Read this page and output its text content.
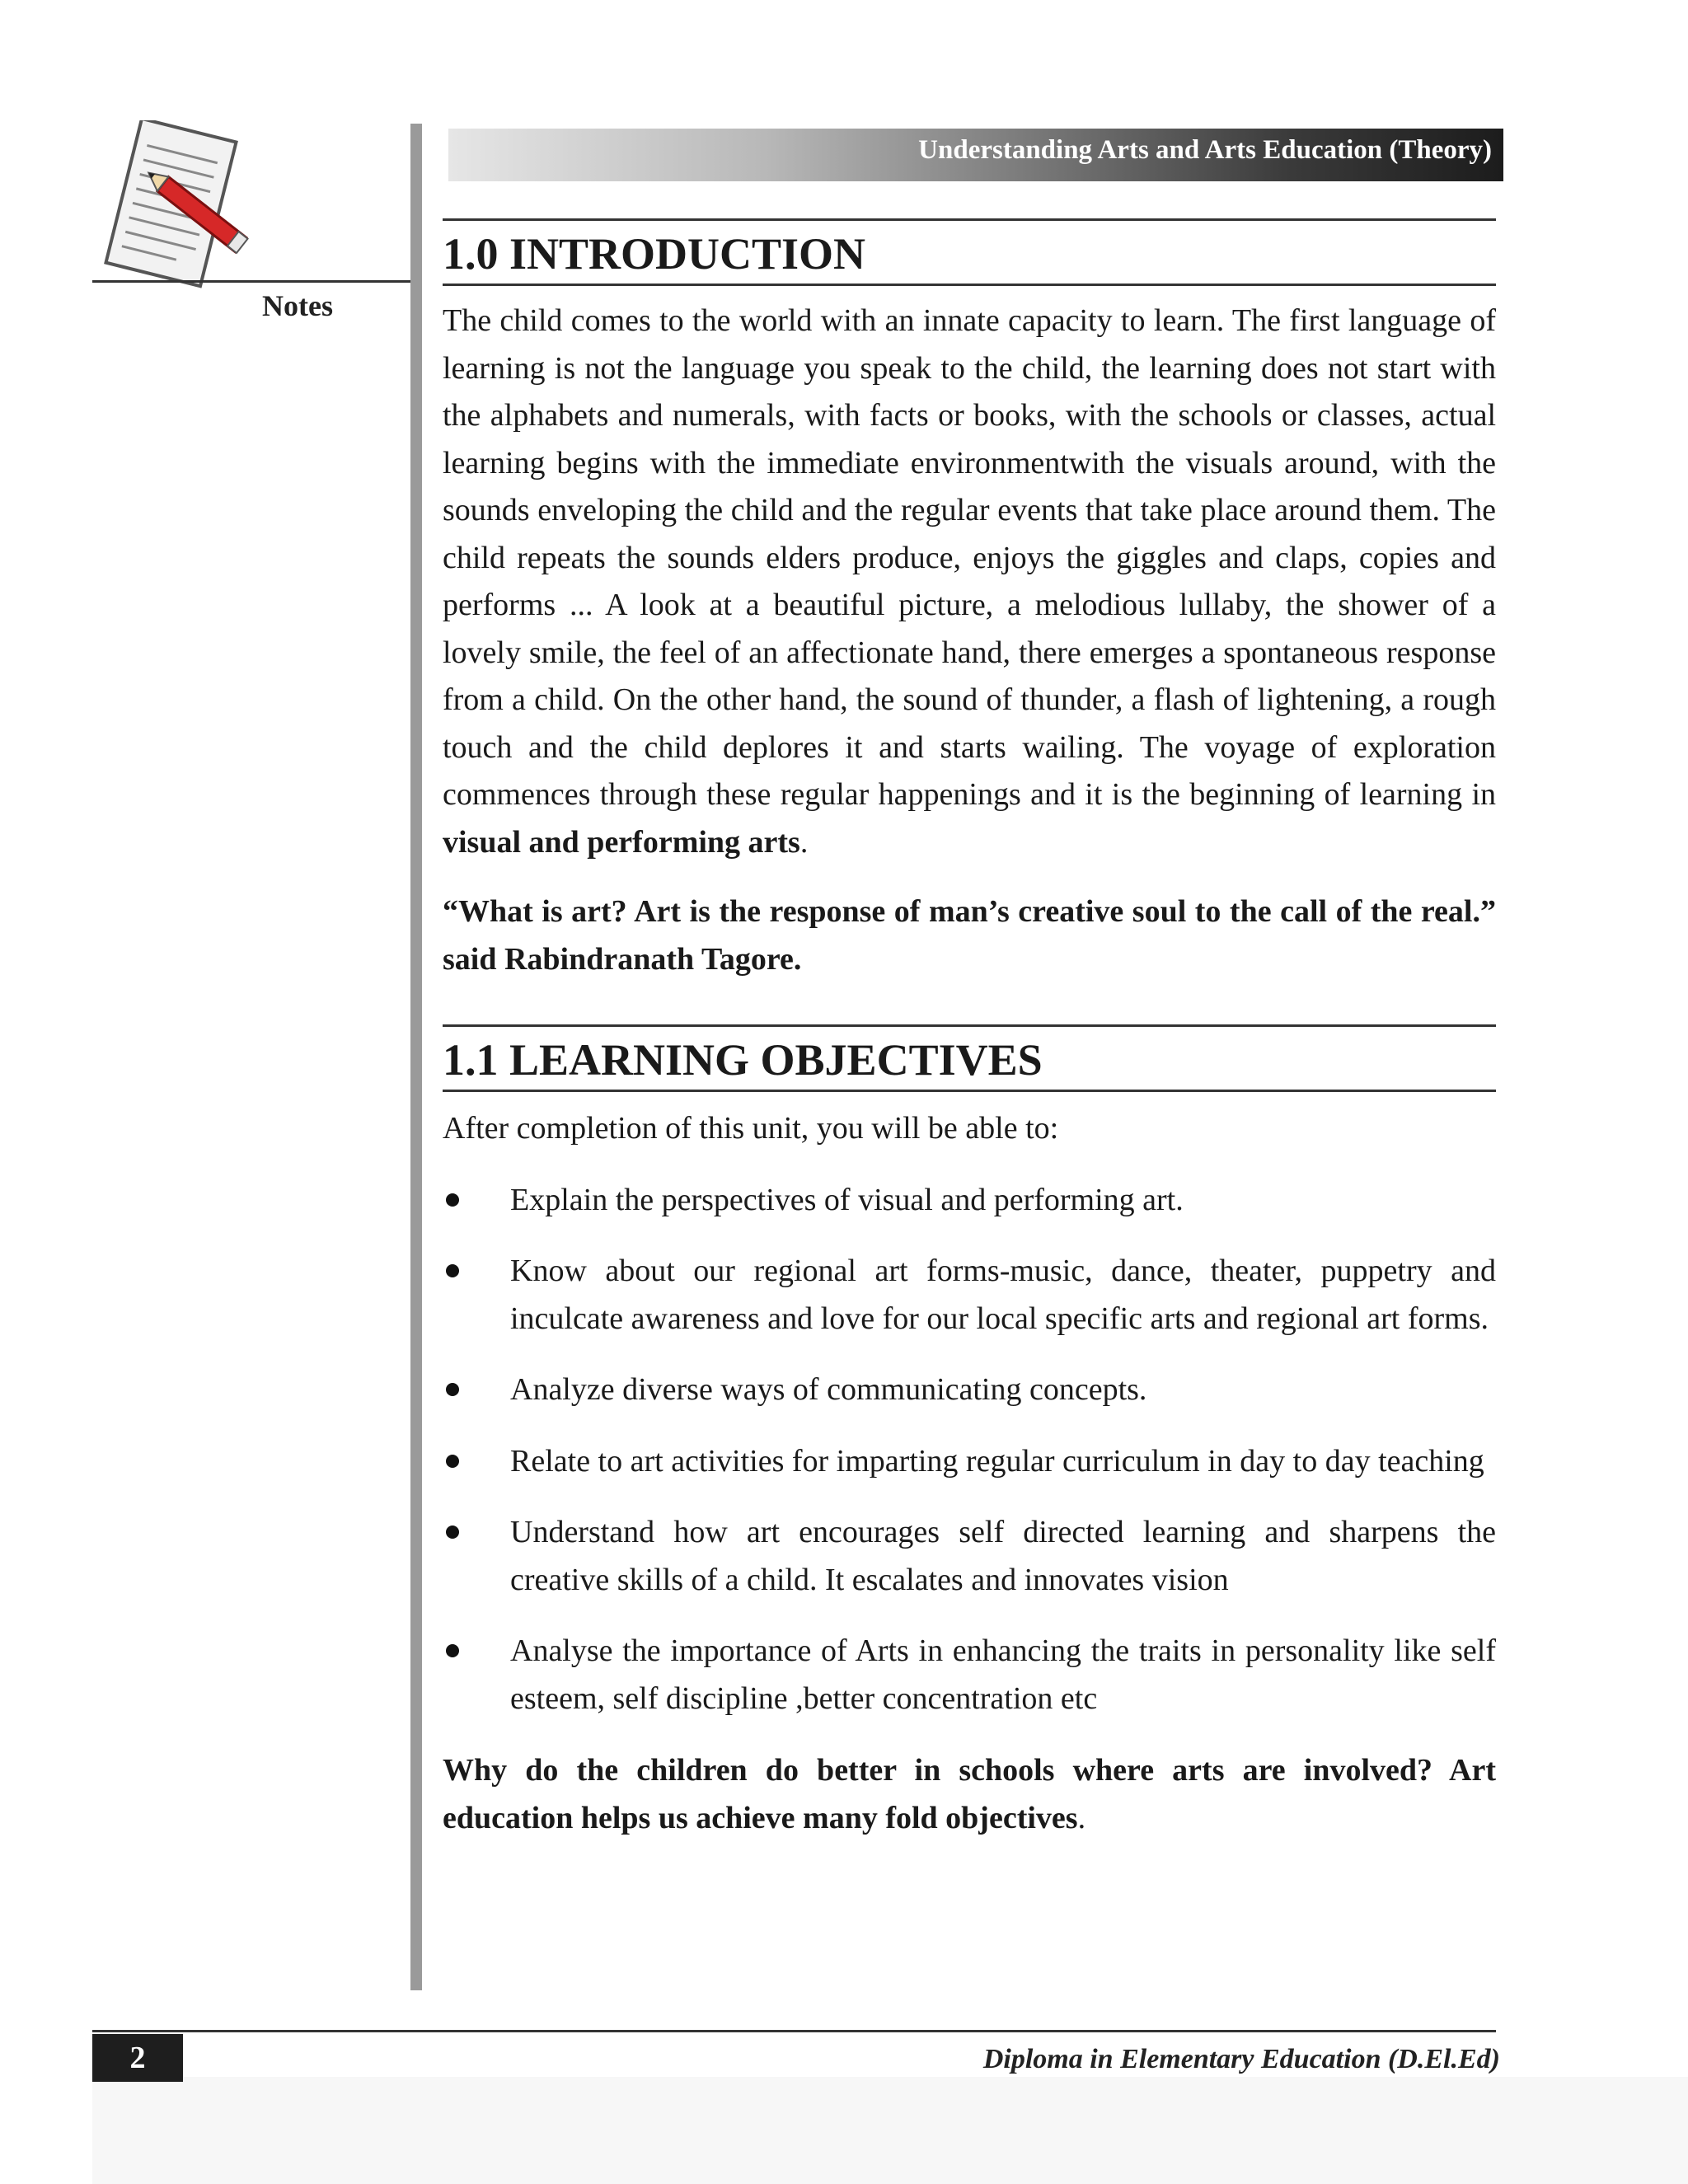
Notes
Understanding Arts and Arts Education (Theory)
1.0 INTRODUCTION

The child comes to the world with an innate capacity to learn. The first language of learning is not the language you speak to the child, the learning does not start with the alphabets and numerals, with facts or books, with the schools or classes, actual learning begins with the immediate environmentwith the visuals around, with the sounds enveloping the child and the regular events that take place around them. The child repeats the sounds elders produce, enjoys the giggles and claps, copies and performs ... A look at a beautiful picture, a melodious lullaby, the shower of a lovely smile, the feel of an affectionate hand, there emerges a spontaneous response from a child. On the other hand, the sound of thunder, a flash of lightening, a rough touch and the child deplores it and starts wailing. The voyage of exploration commences through these regular happenings and it is the beginning of learning in visual and performing arts.

“What is art? Art is the response of man’s creative soul to the call of the real.” said Rabindranath Tagore.

1.1 LEARNING OBJECTIVES

After completion of this unit, you will be able to:

Explain the perspectives of visual and performing art.
Know about our regional art forms-music, dance, theater, puppetry and inculcate awareness and love for our local specific arts and regional art forms.
Analyze diverse ways of communicating concepts.
Relate to art activities for imparting regular curriculum in day to day teaching
Understand how art encourages self directed learning and sharpens the creative skills of a child. It escalates and innovates vision
Analyse the importance of Arts in enhancing the traits in personality like self esteem, self discipline ,better concentration etc

Why do the children do better in schools where arts are involved? Art education helps us achieve many fold objectives.

2	Diploma in Elementary Education (D.El.Ed)
